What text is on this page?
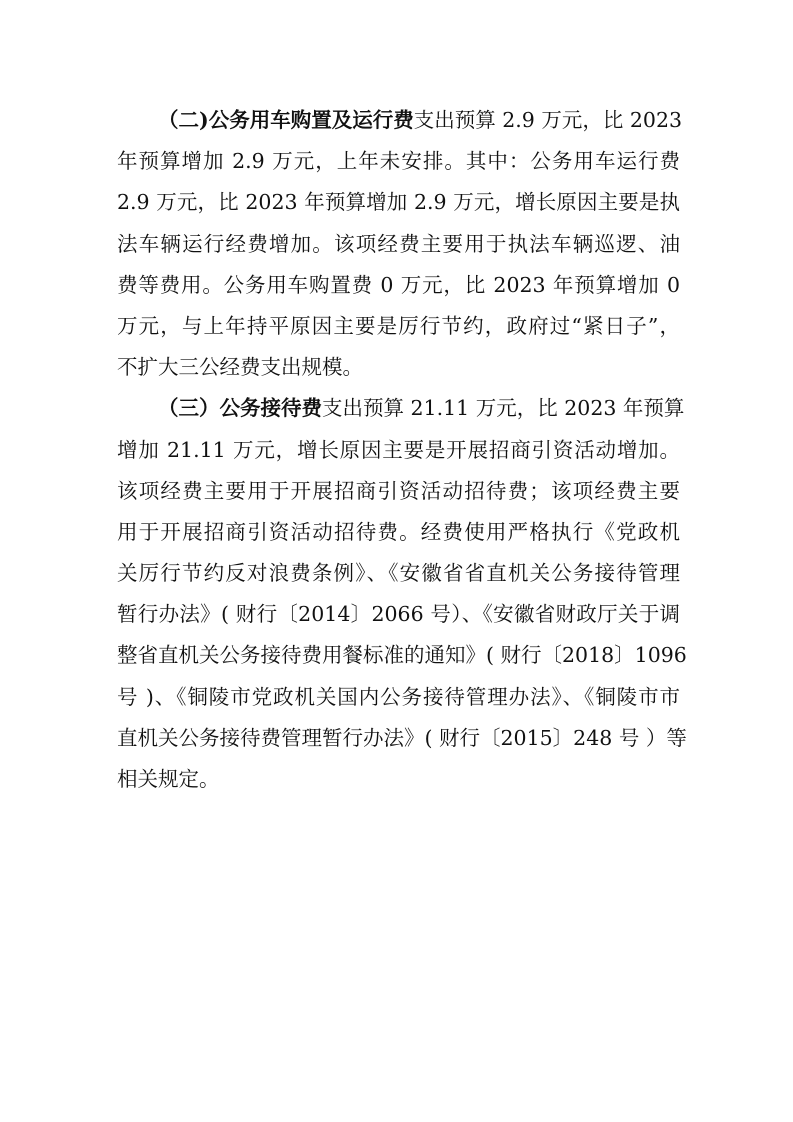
（二)公务用车购置及运行费支出预算 2.9 万元，比 2023
年预算增加 2.9 万元，上年未安排。其中：公务用车运行费
2.9 万元，比 2023 年预算增加 2.9 万元，增长原因主要是执
法车辆运行经费增加。该项经费主要用于执法车辆巡逻、油
费等费用。公务用车购置费 0 万元，比 2023 年预算增加 0
万元，与上年持平原因主要是厉行节约，政府过“紧日子”，
不扩大三公经费支出规模。
（三）公务接待费支出预算 21.11 万元，比 2023 年预算
增加 21.11 万元，增长原因主要是开展招商引资活动增加。
该项经费主要用于开展招商引资活动招待费；该项经费主要
用于开展招商引资活动招待费。经费使用严格执行《党政机
关厉行节约反对浪费条例》、《安徽省省直机关公务接待管理
暂行办法》( 财行〔2014〕2066 号）、《安徽省财政厅关于调
整省直机关公务接待费用餐标准的通知》( 财行〔2018〕1096
号 )、《铜陵市党政机关国内公务接待管理办法》、《铜陵市市
直机关公务接待费管理暂行办法》( 财行〔2015〕248 号 ）等
相关规定。
